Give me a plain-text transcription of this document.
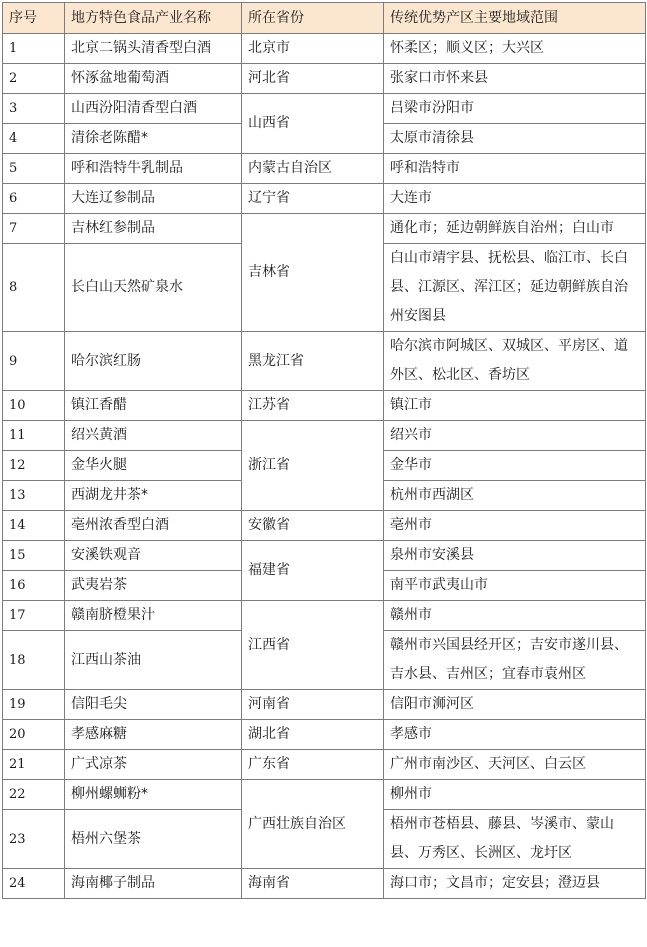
序号	地方特色食品产业名称	所在省份	传统优势产区主要地域范围
1	北京二锅头清香型白酒	北京市	怀柔区；顺义区；大兴区
2	怀涿盆地葡萄酒	河北省	张家口市怀来县
3	山西汾阳清香型白酒	山西省	吕梁市汾阳市
4	清徐老陈醋*		太原市清徐县
5	呼和浩特牛乳制品	内蒙古自治区	呼和浩特市
6	大连辽参制品	辽宁省	大连市
7	吉林红参制品	吉林省	通化市；延边朝鲜族自治州；白山市
8	长白山天然矿泉水		白山市靖宇县、抚松县、临江市、长白县、江源区、浑江区；延边朝鲜族自治州安图县
9	哈尔滨红肠	黑龙江省	哈尔滨市阿城区、双城区、平房区、道外区、松北区、香坊区
10	镇江香醋	江苏省	镇江市
11	绍兴黄酒	浙江省	绍兴市
12	金华火腿		金华市
13	西湖龙井茶*		杭州市西湖区
14	亳州浓香型白酒	安徽省	亳州市
15	安溪铁观音	福建省	泉州市安溪县
16	武夷岩茶		南平市武夷山市
17	赣南脐橙果汁	江西省	赣州市
18	江西山茶油		赣州市兴国县经开区；吉安市遂川县、吉水县、吉州区；宜春市袁州区
19	信阳毛尖	河南省	信阳市浉河区
20	孝感麻糖	湖北省	孝感市
21	广式凉茶	广东省	广州市南沙区、天河区、白云区
22	柳州螺蛳粉*	广西壮族自治区	柳州市
23	梧州六堡茶		梧州市苍梧县、藤县、岑溪市、蒙山县、万秀区、长洲区、龙圩区
24	海南椰子制品	海南省	海口市；文昌市；定安县；澄迈县
